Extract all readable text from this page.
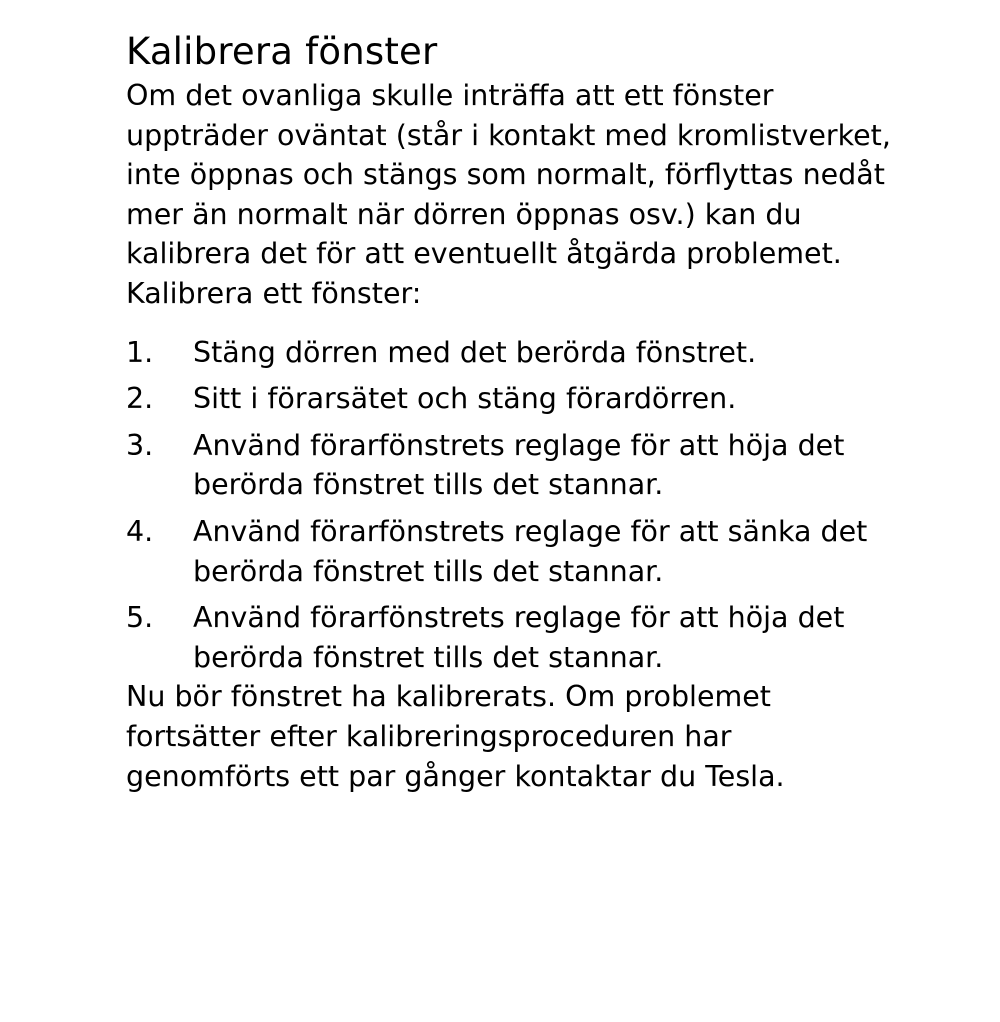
Kalibrera fönster

Om det ovanliga skulle inträffa att ett fönster uppträder oväntat (står i kontakt med kromlistverket, inte öppnas och stängs som normalt, förflyttas nedåt mer än normalt när dörren öppnas osv.) kan du kalibrera det för att eventuellt åtgärda problemet.

Kalibrera ett fönster:

1. Stäng dörren med det berörda fönstret.
2. Sitt i förarsätet och stäng förardörren.
3. Använd förarfönstrets reglage för att höja det berörda fönstret tills det stannar.
4. Använd förarfönstrets reglage för att sänka det berörda fönstret tills det stannar.
5. Använd förarfönstrets reglage för att höja det berörda fönstret tills det stannar.

Nu bör fönstret ha kalibrerats. Om problemet fortsätter efter kalibreringsproceduren har genomförts ett par gånger kontaktar du Tesla.
